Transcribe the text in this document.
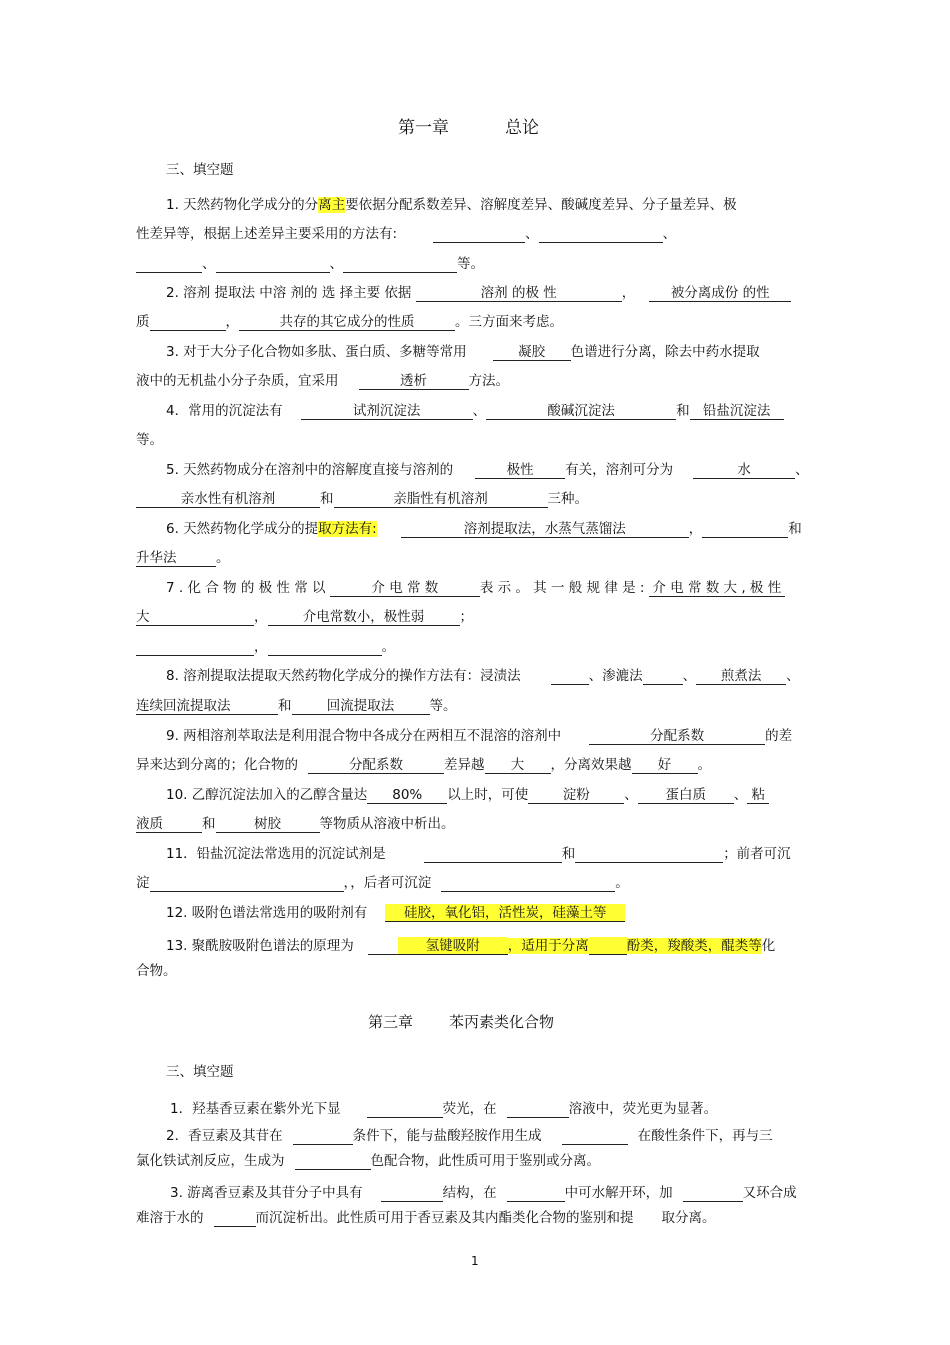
第一章	总论
三、填空题
1. 天然药物化学成分的分离主要依据分配系数差异、溶解度差异、酸碱度差异、分子量差异、极
性差异等，根据上述差异主要采用的方法有:	、	、
、	、	等。
2. 溶剂 提取法 中溶 剂的 选 择主要 依据	溶剂 的极 性	，	被分离成份 的性
质	，	共存的其它成分的性质	。三方面来考虑。
3. 对于大分子化合物如多肽、蛋白质、多糖等常用	凝胶 色谱进行分离，除去中药水提取
液中的无机盐小分子杂质，宜采用	透析	方法。
4．常用的沉淀法有	试剂沉淀法	、	酸碱沉淀法	和 铅盐沉淀法
等。
5. 天然药物成分在溶剂中的溶解度直接与溶剂的	极性 有关，溶剂可分为	水	、
亲水性有机溶剂	和	亲脂性有机溶剂	三种。
6. 天然药物化学成分的提取方法有:	溶剂提取法，水蒸气蒸馏法	，	和
升华法	。
7 . 化 合 物 的 极 性 常 以	介 电 常 数	表 示 。 其 一 般 规 律 是 : 介 电 常 数 大 , 极 性
大	，	介电常数小，极性弱	；
，	。
8. 溶剂提取法提取天然药物化学成分的操作方法有：浸渍法	、渗漉法	、 煎煮法 、
连续回流提取法	和	回流提取法	等。
9. 两相溶剂萃取法是利用混合物中各成分在两相互不混溶的溶剂中	分配系数	的差
异来达到分离的；化合物的	分配系数	差异越 大 ，分离效果越 好 。
10. 乙醇沉淀法加入的乙醇含量达 80% 以上时，可使	淀粉	、 蛋白质 、 粘
液质	和	树胶	等物质从溶液中析出。
11．铅盐沉淀法常选用的沉淀试剂是	和	；前者可沉
淀	，，后者可沉淀	。
12. 吸附色谱法常选用的吸附剂有	硅胶，氧化铝，活性炭，硅藻土等
13. 聚酰胺吸附色谱法的原理为	氢键吸附 ，适用于分离	酚类，羧酸类，醌类等化
合物。
第三章 苯丙素类化合物
三、填空题
1．羟基香豆素在紫外光下显	荧光，在	溶液中，荧光更为显著。
2．香豆素及其苷在	条件下，能与盐酸羟胺作用生成	在酸性条件下，再与三
氯化铁试剂反应，生成为	色配合物，此性质可用于鉴别或分离。
3. 游离香豆素及其苷分子中具有	结构，在	中可水解开环，加	又环合成
难溶于水的	而沉淀析出。此性质可用于香豆素及其内酯类化合物的鉴别和提 取分离。
1
